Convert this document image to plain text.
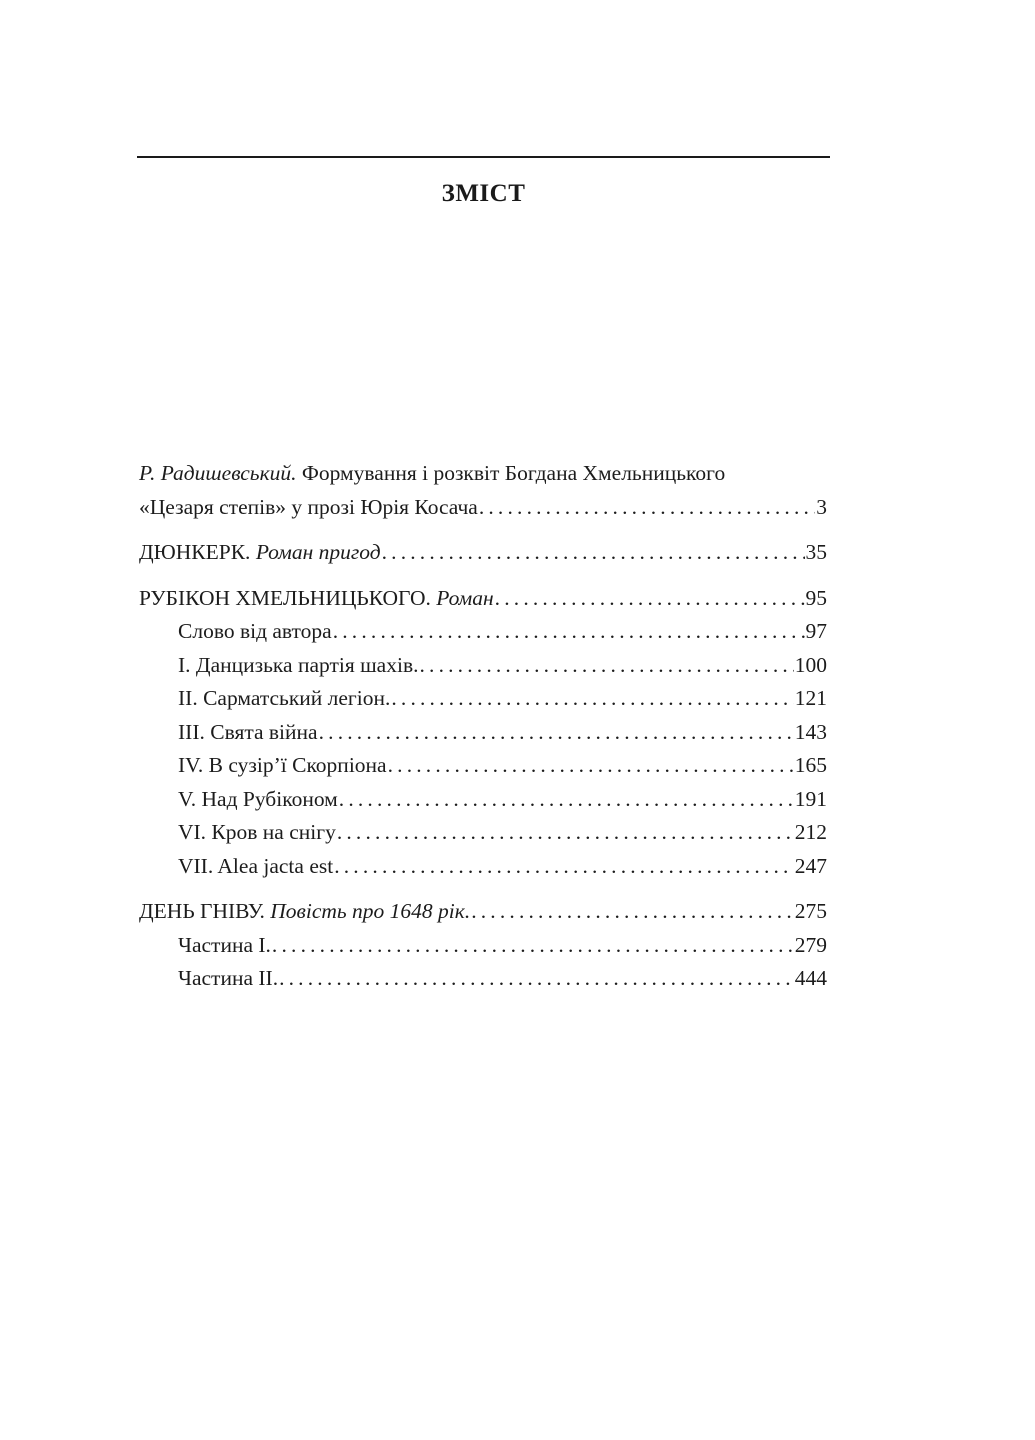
ЗМІСТ
Р. Радишевський. Формування і розквіт Богдана Хмельницького
«Цезаря степів» у прозі Юрія Косача . . .	3
ДЮНКЕРК. Роман пригод . . .	35
РУБІКОН ХМЕЛЬНИЦЬКОГО. Роман . . .	95
Слово від автора . . .	97
I. Данцизька партія шахів. . . .	100
II. Сарматський легіон. . . .	121
III. Свята війна . . .	143
IV. В сузір’ї Скорпіона . . .	165
V. Над Рубіконом . . .	191
VI. Кров на снігу . . .	212
VII. Alea jacta est . . .	247
ДЕНЬ ГНІВУ. Повість про 1648 рік. . . .	275
Частина I. . . .	279
Частина II. . . .	444
